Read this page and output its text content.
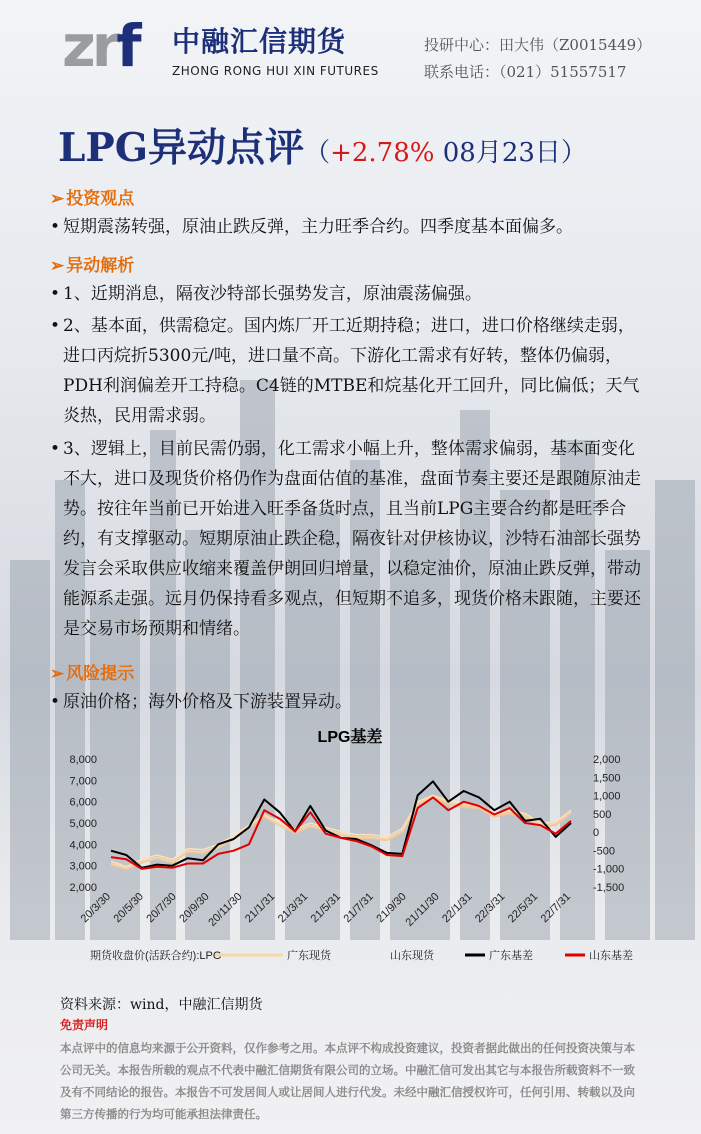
zrf 中融汇信期货
ZHONG RONG HUI XIN FUTURES
投研中心：田大伟（Z0015449）
联系电话：（021）51557517
LPG异动点评（+2.78% 08月23日）
➢ 投资观点
• 短期震荡转强，原油止跌反弹，主力旺季合约。四季度基本面偏多。
➢ 异动解析
• 1、近期消息，隔夜沙特部长强势发言，原油震荡偏强。
• 2、基本面，供需稳定。国内炼厂开工近期持稳；进口，进口价格继续走弱，进口丙烷折5300元/吨，进口量不高。下游化工需求有好转，整体仍偏弱，PDH利润偏差开工持稳。C4链的MTBE和烷基化开工回升，同比偏低；天气炎热，民用需求弱。
• 3、逻辑上，目前民需仍弱，化工需求小幅上升，整体需求偏弱，基本面变化不大，进口及现货价格仍作为盘面估值的基准，盘面节奏主要还是跟随原油走势。按往年当前已开始进入旺季备货时点，且当前LPG主要合约都是旺季合约，有支撑驱动。短期原油止跌企稳，隔夜针对伊核协议，沙特石油部长强势发言会采取供应收缩来覆盖伊朗回归增量，以稳定油价，原油止跌反弹，带动能源系走强。远月仍保持看多观点，但短期不追多，现货价格未跟随，主要还是交易市场预期和情绪。
➢ 风险提示
• 原油价格；海外价格及下游装置异动。
LPG基差
2,000
3,000
4,000
5,000
6,000
7,000
8,000
-1,500
-1,000
-500
0
500
1,000
1,500
2,000
20/3/30
20/5/30
20/7/30
20/9/30
20/11/30
21/1/31
21/3/31
21/5/31
21/7/31
21/9/30
21/11/30
22/1/31
22/3/31
22/5/31
22/7/31
期货收盘价(活跃合约):LPG	广东现货	山东现货	广东基差	山东基差
资料来源：wind，中融汇信期货
免责声明
本点评中的信息均来源于公开资料，仅作参考之用。本点评不构成投资建议，投资者据此做出的任何投资决策与本公司无关。本报告所载的观点不代表中融汇信期货有限公司的立场。中融汇信可发出其它与本报告所载资料不一致及有不同结论的报告。本报告不可发居间人或让居间人进行代发。未经中融汇信授权许可，任何引用、转载以及向第三方传播的行为均可能承担法律责任。
